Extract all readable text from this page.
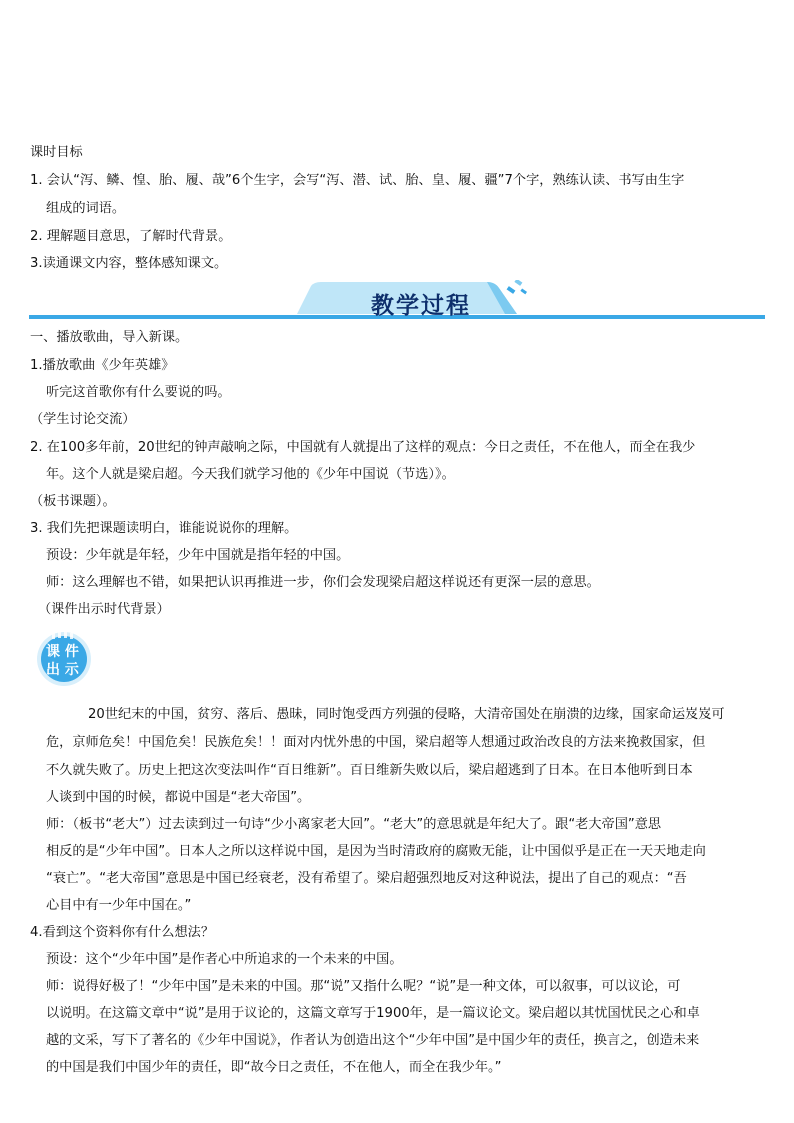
课时目标
1. 会认“泻、鳞、惶、胎、履、哉”6个生字，会写“泻、潜、试、胎、皇、履、疆”7个字，熟练认读、书写由生字
组成的词语。
2. 理解题目意思，了解时代背景。
3.读通课文内容，整体感知课文。
教学过程
一、播放歌曲，导入新课。
1.播放歌曲《少年英雄》
听完这首歌你有什么要说的吗。
（学生讨论交流）
2. 在100多年前，20世纪的钟声敲响之际，中国就有人就提出了这样的观点：今日之责任，不在他人，而全在我少
年。这个人就是梁启超。今天我们就学习他的《少年中国说（节选）》。
（板书课题）。
3. 我们先把课题读明白，谁能说说你的理解。
预设：少年就是年轻，少年中国就是指年轻的中国。
师：这么理解也不错，如果把认识再推进一步，你们会发现梁启超这样说还有更深一层的意思。
（课件出示时代背景）
课 件
出 示
20世纪末的中国，贫穷、落后、愚昧，同时饱受西方列强的侵略，大清帝国处在崩溃的边缘，国家命运岌岌可
危，京师危矣！中国危矣！民族危矣！！面对内忧外患的中国，梁启超等人想通过政治改良的方法来挽救国家，但
不久就失败了。历史上把这次变法叫作“百日维新”。百日维新失败以后，梁启超逃到了日本。在日本他听到日本
人谈到中国的时候，都说中国是“老大帝国”。
师：（板书“老大”）过去读到过一句诗“少小离家老大回”。“老大”的意思就是年纪大了。跟“老大帝国”意思
相反的是“少年中国”。日本人之所以这样说中国，是因为当时清政府的腐败无能，让中国似乎是正在一天天地走向
“衰亡”。“老大帝国”意思是中国已经衰老，没有希望了。梁启超强烈地反对这种说法，提出了自己的观点：“吾
心目中有一少年中国在。”
4.看到这个资料你有什么想法？
预设：这个“少年中国”是作者心中所追求的一个未来的中国。
师：说得好极了！“少年中国”是未来的中国。那“说”又指什么呢？“说”是一种文体，可以叙事，可以议论，可
以说明。在这篇文章中“说”是用于议论的，这篇文章写于1900年，是一篇议论文。梁启超以其忧国忧民之心和卓
越的文采，写下了著名的《少年中国说》，作者认为创造出这个“少年中国”是中国少年的责任，换言之，创造未来
的中国是我们中国少年的责任，即“故今日之责任，不在他人，而全在我少年。”
